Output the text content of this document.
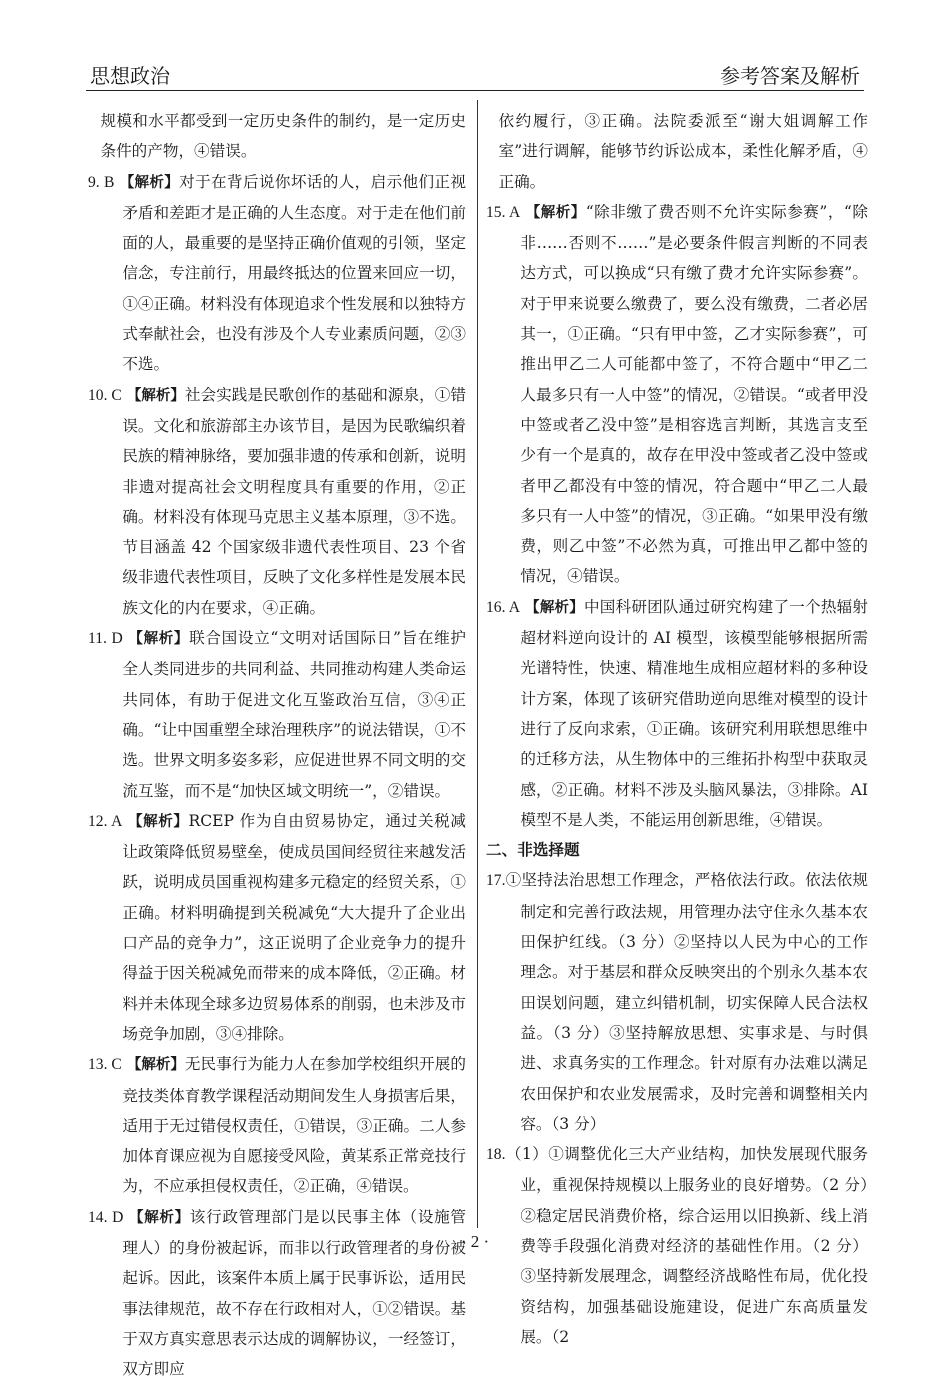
思想政治	参考答案及解析

规模和水平都受到一定历史条件的制约，是一定历史条件的产物，④错误。

9. B 【解析】对于在背后说你坏话的人，启示他们正视矛盾和差距才是正确的人生态度。对于走在他们前面的人，最重要的是坚持正确价值观的引领，坚定信念，专注前行，用最终抵达的位置来回应一切，①④正确。材料没有体现追求个性发展和以独特方式奉献社会，也没有涉及个人专业素质问题，②③不选。

10. C 【解析】社会实践是民歌创作的基础和源泉，①错误。文化和旅游部主办该节目，是因为民歌编织着民族的精神脉络，要加强非遗的传承和创新，说明非遗对提高社会文明程度具有重要的作用，②正确。材料没有体现马克思主义基本原理，③不选。节目涵盖 42 个国家级非遗代表性项目、23 个省级非遗代表性项目，反映了文化多样性是发展本民族文化的内在要求，④正确。

11. D 【解析】联合国设立“文明对话国际日”旨在维护全人类同进步的共同利益、共同推动构建人类命运共同体，有助于促进文化互鉴政治互信，③④正确。“让中国重塑全球治理秩序”的说法错误，①不选。世界文明多姿多彩，应促进世界不同文明的交流互鉴，而不是“加快区域文明统一”，②错误。

12. A 【解析】RCEP 作为自由贸易协定，通过关税减让政策降低贸易壁垒，使成员国间经贸往来越发活跃，说明成员国重视构建多元稳定的经贸关系，①正确。材料明确提到关税减免“大大提升了企业出口产品的竞争力”，这正说明了企业竞争力的提升得益于因关税减免而带来的成本降低，②正确。材料并未体现全球多边贸易体系的削弱，也未涉及市场竞争加剧，③④排除。

13. C 【解析】无民事行为能力人在参加学校组织开展的竞技类体育教学课程活动期间发生人身损害后果，适用于无过错侵权责任，①错误，③正确。二人参加体育课应视为自愿接受风险，黄某系正常竞技行为，不应承担侵权责任，②正确，④错误。

14. D 【解析】该行政管理部门是以民事主体（设施管理人）的身份被起诉，而非以行政管理者的身份被起诉。因此，该案件本质上属于民事诉讼，适用民事法律规范，故不存在行政相对人，①②错误。基于双方真实意思表示达成的调解协议，一经签订，双方即应

依约履行，③正确。法院委派至“谢大姐调解工作室”进行调解，能够节约诉讼成本，柔性化解矛盾，④正确。

15. A 【解析】“除非缴了费否则不允许实际参赛”，“除非……否则不……”是必要条件假言判断的不同表达方式，可以换成“只有缴了费才允许实际参赛”。对于甲来说要么缴费了，要么没有缴费，二者必居其一，①正确。“只有甲中签，乙才实际参赛”，可推出甲乙二人可能都中签了，不符合题中“甲乙二人最多只有一人中签”的情况，②错误。“或者甲没中签或者乙没中签”是相容选言判断，其选言支至少有一个是真的，故存在甲没中签或者乙没中签或者甲乙都没有中签的情况，符合题中“甲乙二人最多只有一人中签”的情况，③正确。“如果甲没有缴费，则乙中签”不必然为真，可推出甲乙都中签的情况，④错误。

16. A 【解析】中国科研团队通过研究构建了一个热辐射超材料逆向设计的 AI 模型，该模型能够根据所需光谱特性，快速、精准地生成相应超材料的多种设计方案，体现了该研究借助逆向思维对模型的设计进行了反向求索，①正确。该研究利用联想思维中的迁移方法，从生物体中的三维拓扑构型中获取灵感，②正确。材料不涉及头脑风暴法，③排除。AI 模型不是人类，不能运用创新思维，④错误。

二、非选择题

17.①坚持法治思想工作理念，严格依法行政。依法依规制定和完善行政法规，用管理办法守住永久基本农田保护红线。（3 分）②坚持以人民为中心的工作理念。对于基层和群众反映突出的个别永久基本农田误划问题，建立纠错机制，切实保障人民合法权益。（3 分）③坚持解放思想、实事求是、与时俱进、求真务实的工作理念。针对原有办法难以满足农田保护和农业发展需求，及时完善和调整相关内容。（3 分）

18.（1）①调整优化三大产业结构，加快发展现代服务业，重视保持规模以上服务业的良好增势。（2 分）②稳定居民消费价格，综合运用以旧换新、线上消费等手段强化消费对经济的基础性作用。（2 分）③坚持新发展理念，调整经济战略性布局，优化投资结构，加强基础设施建设，促进广东高质量发展。（2

· 2 ·
